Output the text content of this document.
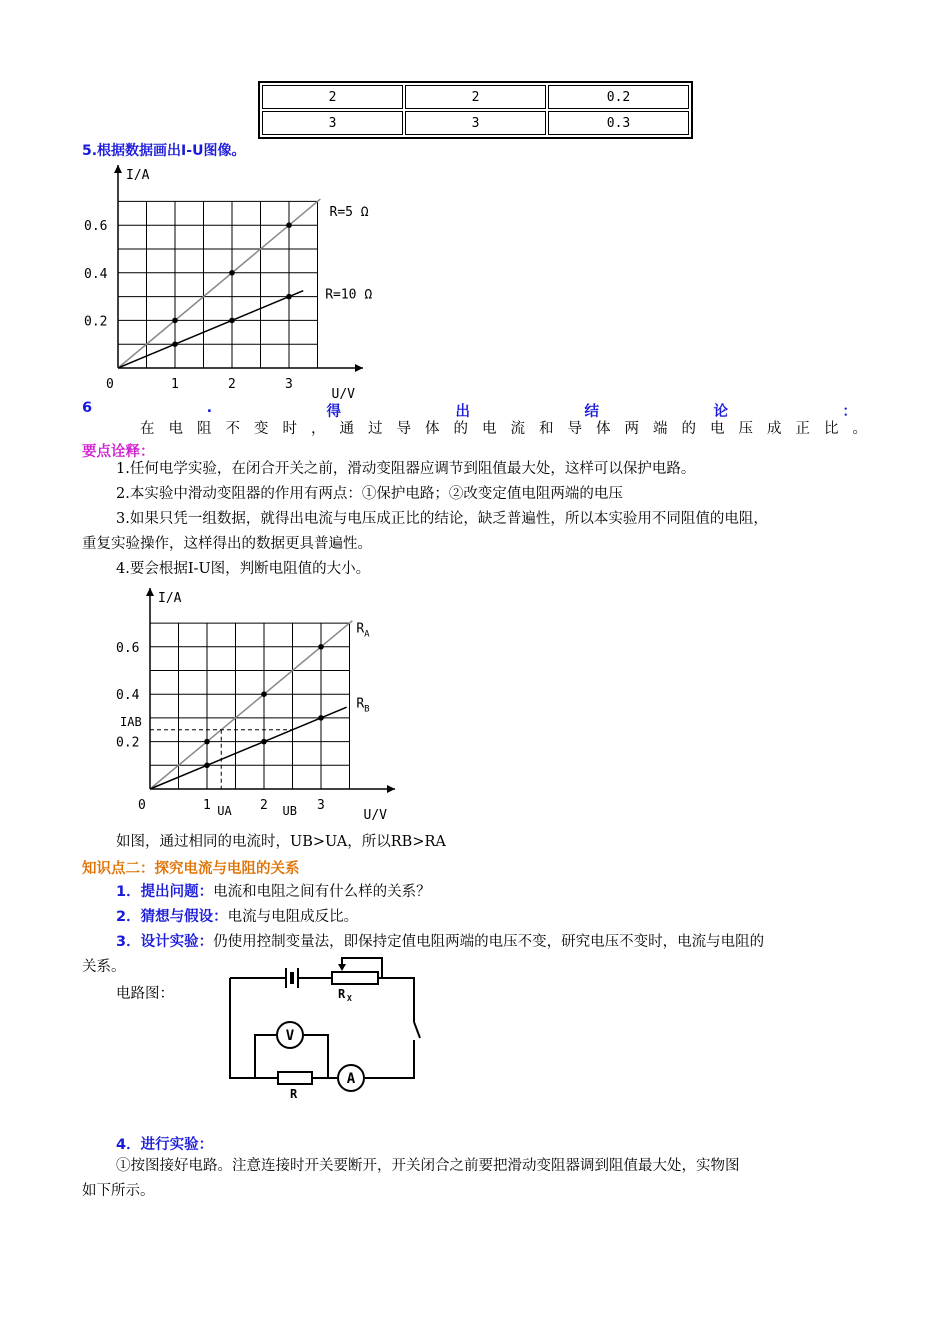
2	2	0.2
3	3	0.3
5.根据数据画出I-U图像。
I/A
U/V
0	1	2	3
0.2
0.4
0.6
R=5 Ω
R=10 Ω
6	.	得	出	结	论	：
在电阻不变时，通过导体的电流和导体两端的电压成正比。
要点诠释：
1.任何电学实验，在闭合开关之前，滑动变阻器应调节到阻值最大处，这样可以保护电路。
2.本实验中滑动变阻器的作用有两点：①保护电路；②改变定值电阻两端的电压
3.如果只凭一组数据，就得出电流与电压成正比的结论，缺乏普遍性，所以本实验用不同阻值的电阻，
重复实验操作，这样得出的数据更具普遍性。
4.要会根据I-U图，判断电阻值的大小。
I/A
U/V
0	1	2	3
0.2
0.4
0.6
$R_A$
$R_B$
IAB
UA	UB
如图，通过相同的电流时，UB>UA，所以RB>RA
知识点二：探究电流与电阻的关系
1．提出问题：电流和电阻之间有什么样的关系？
2．猜想与假设：电流与电阻成反比。
3．设计实验：仍使用控制变量法，即保持定值电阻两端的电压不变，研究电压不变时，电流与电阻的
关系。
电路图：	R X
V
R
A
4．进行实验：
①按图接好电路。注意连接时开关要断开，开关闭合之前要把滑动变阻器调到阻值最大处，实物图
如下所示。
